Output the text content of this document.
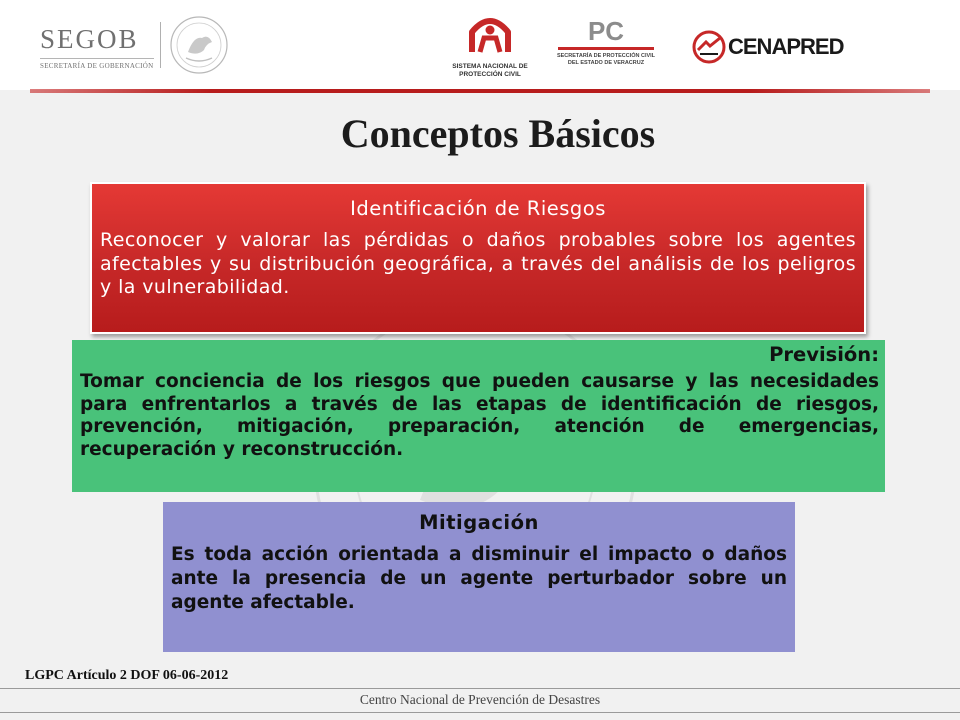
SEGOB
SECRETARÍA DE GOBERNACIÓN	SISTEMA NACIONAL DE
PROTECCIÓN CIVIL
PC
SECRETARÍA DE PROTECCIÓN CIVIL
DEL ESTADO DE VERACRUZ
CENAPRED
Conceptos Básicos
Identificación de Riesgos
Reconocer y valorar las pérdidas o daños probables sobre los agentes afectables y su distribución geográfica, a través del análisis de los peligros y la vulnerabilidad.
Previsión:
Tomar conciencia de los riesgos que pueden causarse y las necesidades para enfrentarlos a través de las etapas de identificación de riesgos, prevención, mitigación, preparación, atención de emergencias, recuperación y reconstrucción.
Mitigación
Es toda acción orientada a disminuir el impacto o daños ante la presencia de un agente perturbador sobre un agente afectable.
LGPC Artículo 2 DOF 06-06-2012
Centro Nacional de Prevención de Desastres
